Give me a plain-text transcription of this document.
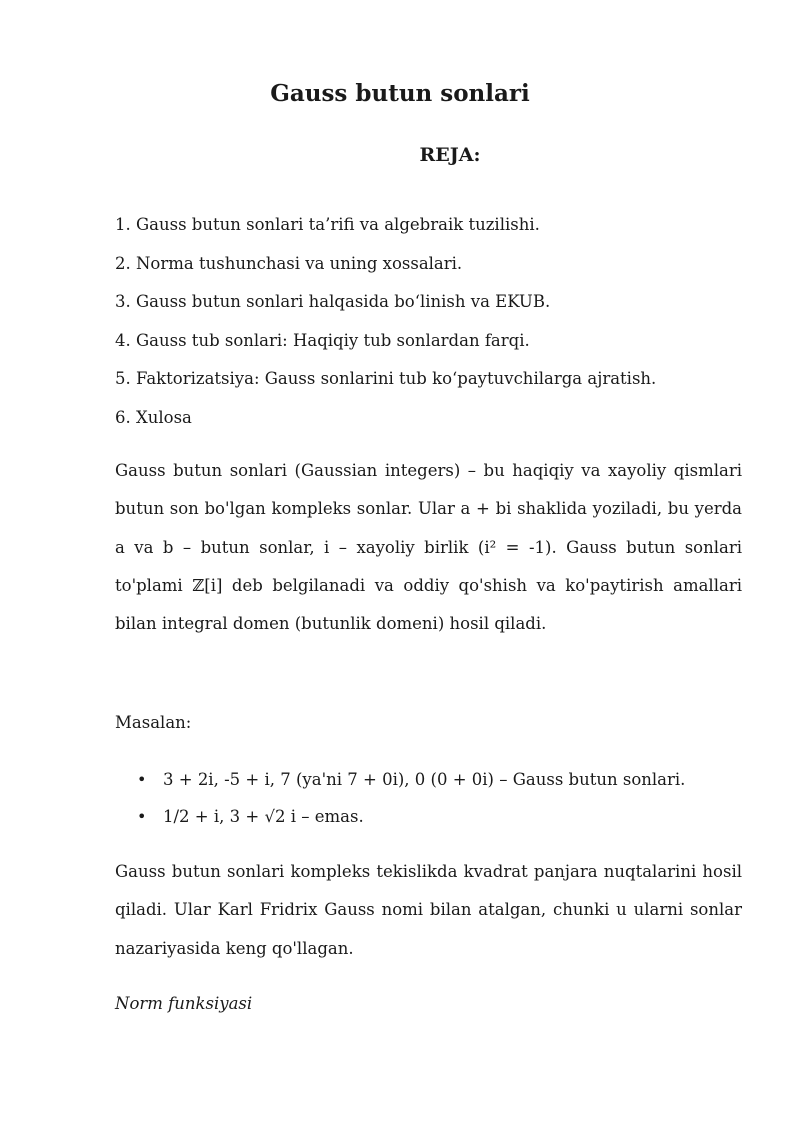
Gauss butun sonlari
REJA:
1. Gauss butun sonlari ta’rifi va algebraik tuzilishi.
2. Norma tushunchasi va uning xossalari.
3. Gauss butun sonlari halqasida bo‘linish va EKUB.
4. Gauss tub sonlari: Haqiqiy tub sonlardan farqi.
5. Faktorizatsiya: Gauss sonlarini tub ko‘paytuvchilarga ajratish.
6. Xulosa

Gauss butun sonlari (Gaussian integers) – bu haqiqiy va xayoliy qismlari butun son bo'lgan kompleks sonlar. Ular a + bi shaklida yoziladi, bu yerda a va b – butun sonlar, i – xayoliy birlik (i² = -1). Gauss butun sonlari to'plami ℤ[i] deb belgilanadi va oddiy qo'shish va ko'paytirish amallari bilan integral domen (butunlik domeni) hosil qiladi.

Masalan:

• 3 + 2i, -5 + i, 7 (ya'ni 7 + 0i), 0 (0 + 0i) – Gauss butun sonlari.
• 1/2 + i, 3 + √2 i – emas.

Gauss butun sonlari kompleks tekislikda kvadrat panjara nuqtalarini hosil qiladi. Ular Karl Fridrix Gauss nomi bilan atalgan, chunki u ularni sonlar nazariyasida keng qo'llagan.

Norm funksiyasi
